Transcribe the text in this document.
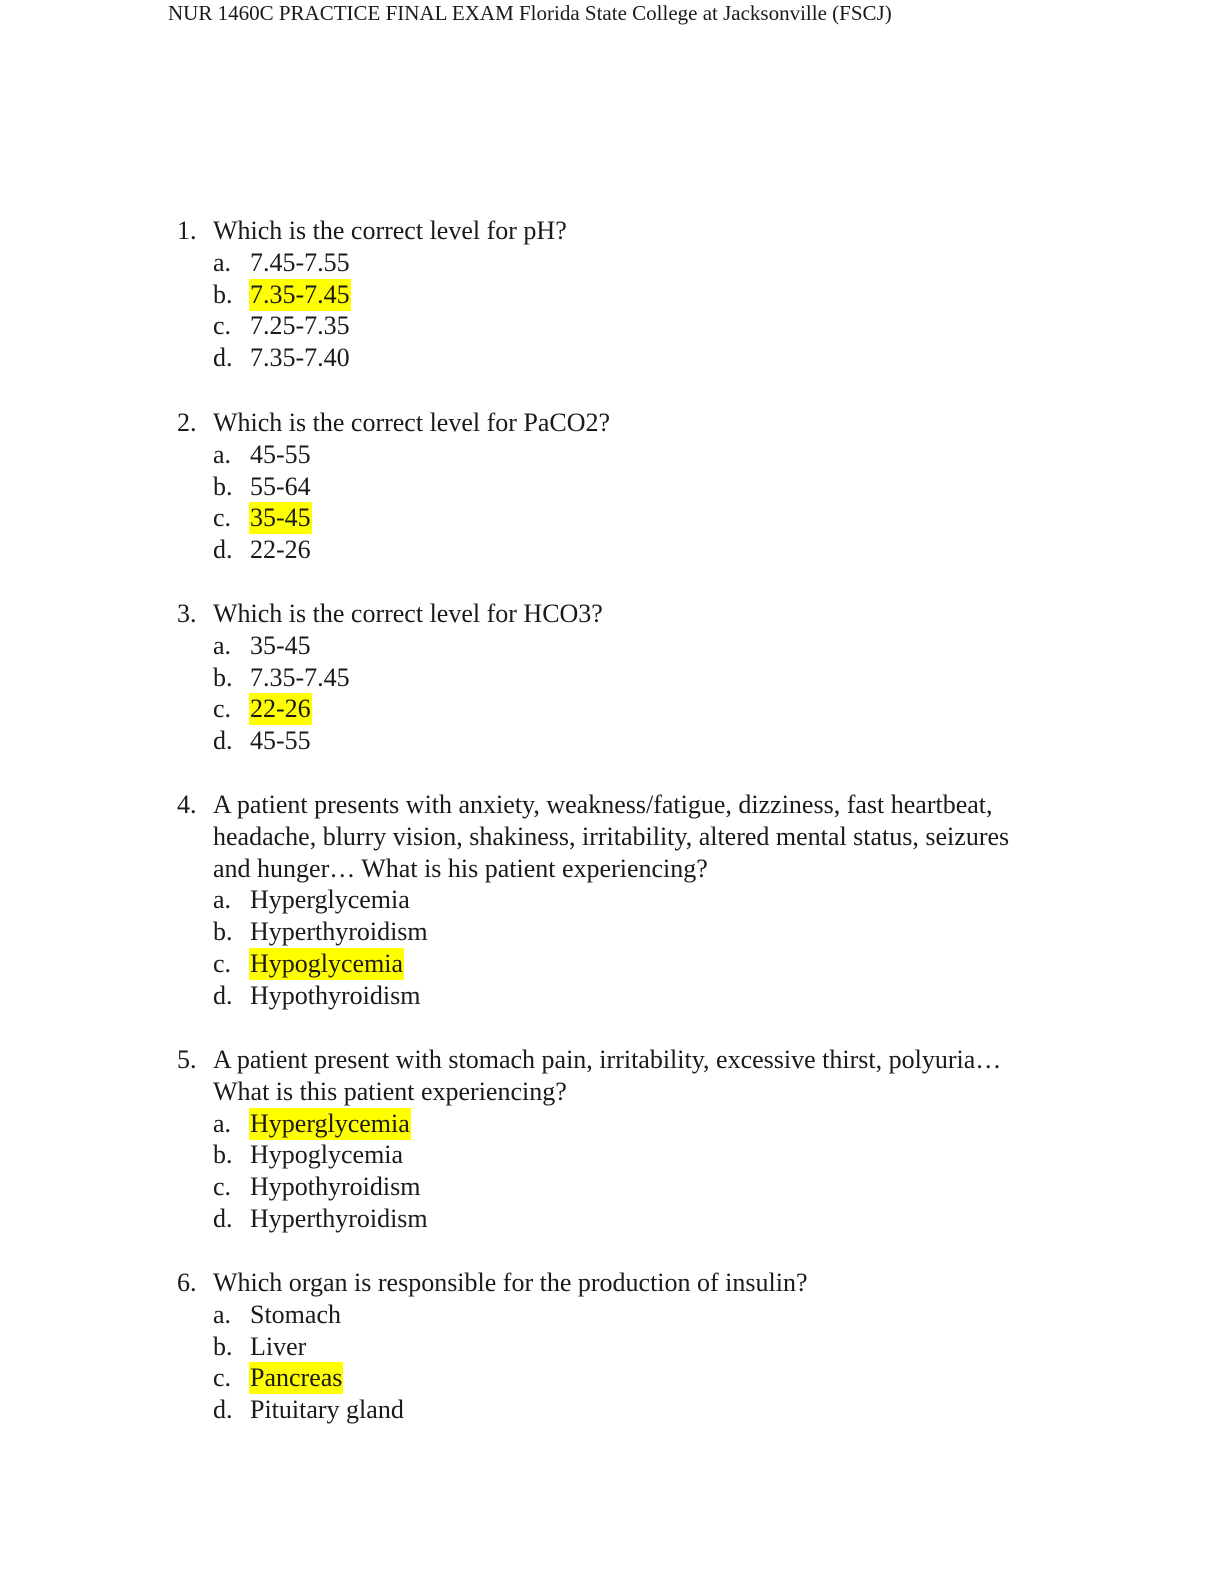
NUR 1460C PRACTICE FINAL EXAM Florida State College at Jacksonville (FSCJ)
1. Which is the correct level for pH?
a. 7.45-7.55
b. 7.35-7.45
c. 7.25-7.35
d. 7.35-7.40
2. Which is the correct level for PaCO2?
a. 45-55
b. 55-64
c. 35-45
d. 22-26
3. Which is the correct level for HCO3?
a. 35-45
b. 7.35-7.45
c. 22-26
d. 45-55
4. A patient presents with anxiety, weakness/fatigue, dizziness, fast heartbeat,
headache, blurry vision, shakiness, irritability, altered mental status, seizures
and hunger… What is his patient experiencing?
a. Hyperglycemia
b. Hyperthyroidism
c. Hypoglycemia
d. Hypothyroidism
5. A patient present with stomach pain, irritability, excessive thirst, polyuria…
What is this patient experiencing?
a. Hyperglycemia
b. Hypoglycemia
c. Hypothyroidism
d. Hyperthyroidism
6. Which organ is responsible for the production of insulin?
a. Stomach
b. Liver
c. Pancreas
d. Pituitary gland
